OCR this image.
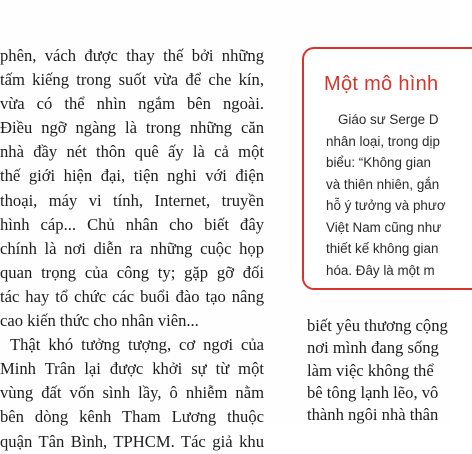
phên, vách được thay thế bởi những
tấm kiếng trong suốt vừa để che kín,
vừa có thể nhìn ngắm bên ngoài.
Điều ngỡ ngàng là trong những căn
nhà đầy nét thôn quê ấy là cả một
thế giới hiện đại, tiện nghi với điện
thoại, máy vi tính, Internet, truyền
hình cáp... Chủ nhân cho biết đây
chính là nơi diễn ra những cuộc họp
quan trọng của công ty; gặp gỡ đối
tác hay tổ chức các buổi đào tạo nâng
cao kiến thức cho nhân viên...
Thật khó tưởng tượng, cơ ngơi của
Minh Trân lại được khởi sự từ một
vùng đất vốn sình lầy, ô nhiễm nằm
bên dòng kênh Tham Lương thuộc
quận Tân Bình, TPHCM. Tác giả khu
Một mô hình
Giáo sư Serge D
nhân loại, trong dịp
biểu: “Không gian
và thiên nhiên, gắn
hỗ ý tưởng và phươ
Việt Nam cũng như
thiết kế không gian
hóa. Đây là một m
biết yêu thương cộng
nơi mình đang sống
làm việc không thể
bê tông lạnh lẽo, vô
thành ngôi nhà thân
